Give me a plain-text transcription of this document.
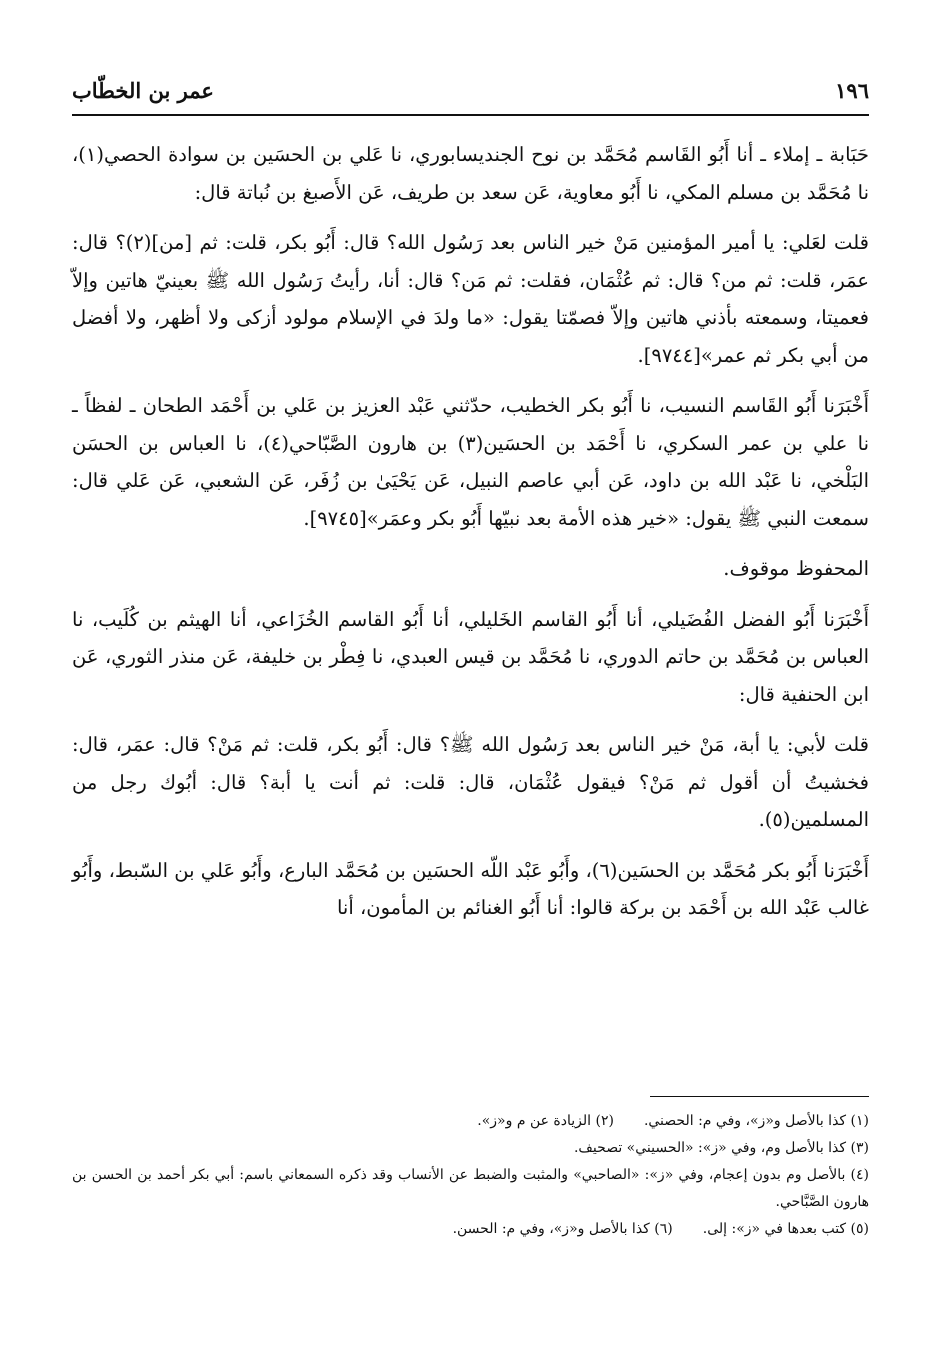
١٩٦
عمر بن الخطّاب

حَبَابة ـ إملاء ـ أنا أَبُو القَاسم مُحَمَّد بن نوح الجنديسابوري، نا عَلي بن الحسَين بن سوادة الحصي(١)، نا مُحَمَّد بن مسلم المكي، نا أَبُو معاوية، عَن سعد بن طريف، عَن الأَصبغ بن نُباتة قال:

قلت لعَلي: يا أمير المؤمنين مَنْ خير الناس بعد رَسُول الله؟ قال: أَبُو بكر، قلت: ثم [من](٢)؟ قال: عمَر، قلت: ثم من؟ قال: ثم عُثْمَان، فقلت: ثم مَن؟ قال: أنا، رأيتُ رَسُول الله ﷺ بعينيّ هاتين وإلاّ فعميتا، وسمعته بأذني هاتين وإلاّ فصمّتا يقول: «ما ولدَ في الإسلام مولود أزكى ولا أظهر، ولا أفضل من أبي بكر ثم عمر»[٩٧٤٤].

أَخْبَرَنا أَبُو القَاسم النسيب، نا أَبُو بكر الخطيب، حدّثني عَبْد العزيز بن عَلي بن أَحْمَد الطحان ـ لفظاً ـ نا علي بن عمر السكري، نا أَحْمَد بن الحسَين(٣) بن هارون الصَّبّاحي(٤)، نا العباس بن الحسَن البَلْخي، نا عَبْد الله بن داود، عَن أبي عاصم النبيل، عَن يَحْيَىٰ بن زُفَر، عَن الشعبي، عَن عَلي قال: سمعت النبي ﷺ يقول: «خير هذه الأمة بعد نبيّها أَبُو بكر وعمَر»[٩٧٤٥].

المحفوظ موقوف.

أَخْبَرَنا أَبُو الفضل الفُضَيلي، أنا أَبُو القاسم الخَليلي، أنا أَبُو القاسم الخُزَاعي، أنا الهيثم بن كُلَيب، نا العباس بن مُحَمَّد بن حاتم الدوري، نا مُحَمَّد بن قيس العبدي، نا فِطْر بن خليفة، عَن منذر الثوري، عَن ابن الحنفية قال:

قلت لأبي: يا أبة، مَنْ خير الناس بعد رَسُول الله ﷺ؟ قال: أَبُو بكر، قلت: ثم مَنْ؟ قال: عمَر، قال: فخشيتُ أن أقول ثم مَنْ؟ فيقول عُثْمَان، قال: قلت: ثم أنت يا أبة؟ قال: أبُوك رجل من المسلمين(٥).

أَخْبَرَنا أَبُو بكر مُحَمَّد بن الحسَين(٦)، وأَبُو عَبْد اللّه الحسَين بن مُحَمَّد البارع، وأَبُو عَلي بن السّبط، وأَبُو غالب عَبْد الله بن أَحْمَد بن بركة قالوا: أنا أَبُو الغنائم بن المأمون، أنا

(١) كذا بالأصل و«ز»، وفي م: الحصني.
(٢) الزيادة عن م و«ز».
(٣) كذا بالأصل وم، وفي «ز»: «الحسيني» تصحيف.
(٤) بالأصل وم بدون إعجام، وفي «ز»: «الصاحبي» والمثبت والضبط عن الأنساب وقد ذكره السمعاني باسم: أبي بكر أحمد بن الحسن بن هارون الصَّبَّاحي.
(٥) كتب بعدها في «ز»: إلى.
(٦) كذا بالأصل و«ز»، وفي م: الحسن.
